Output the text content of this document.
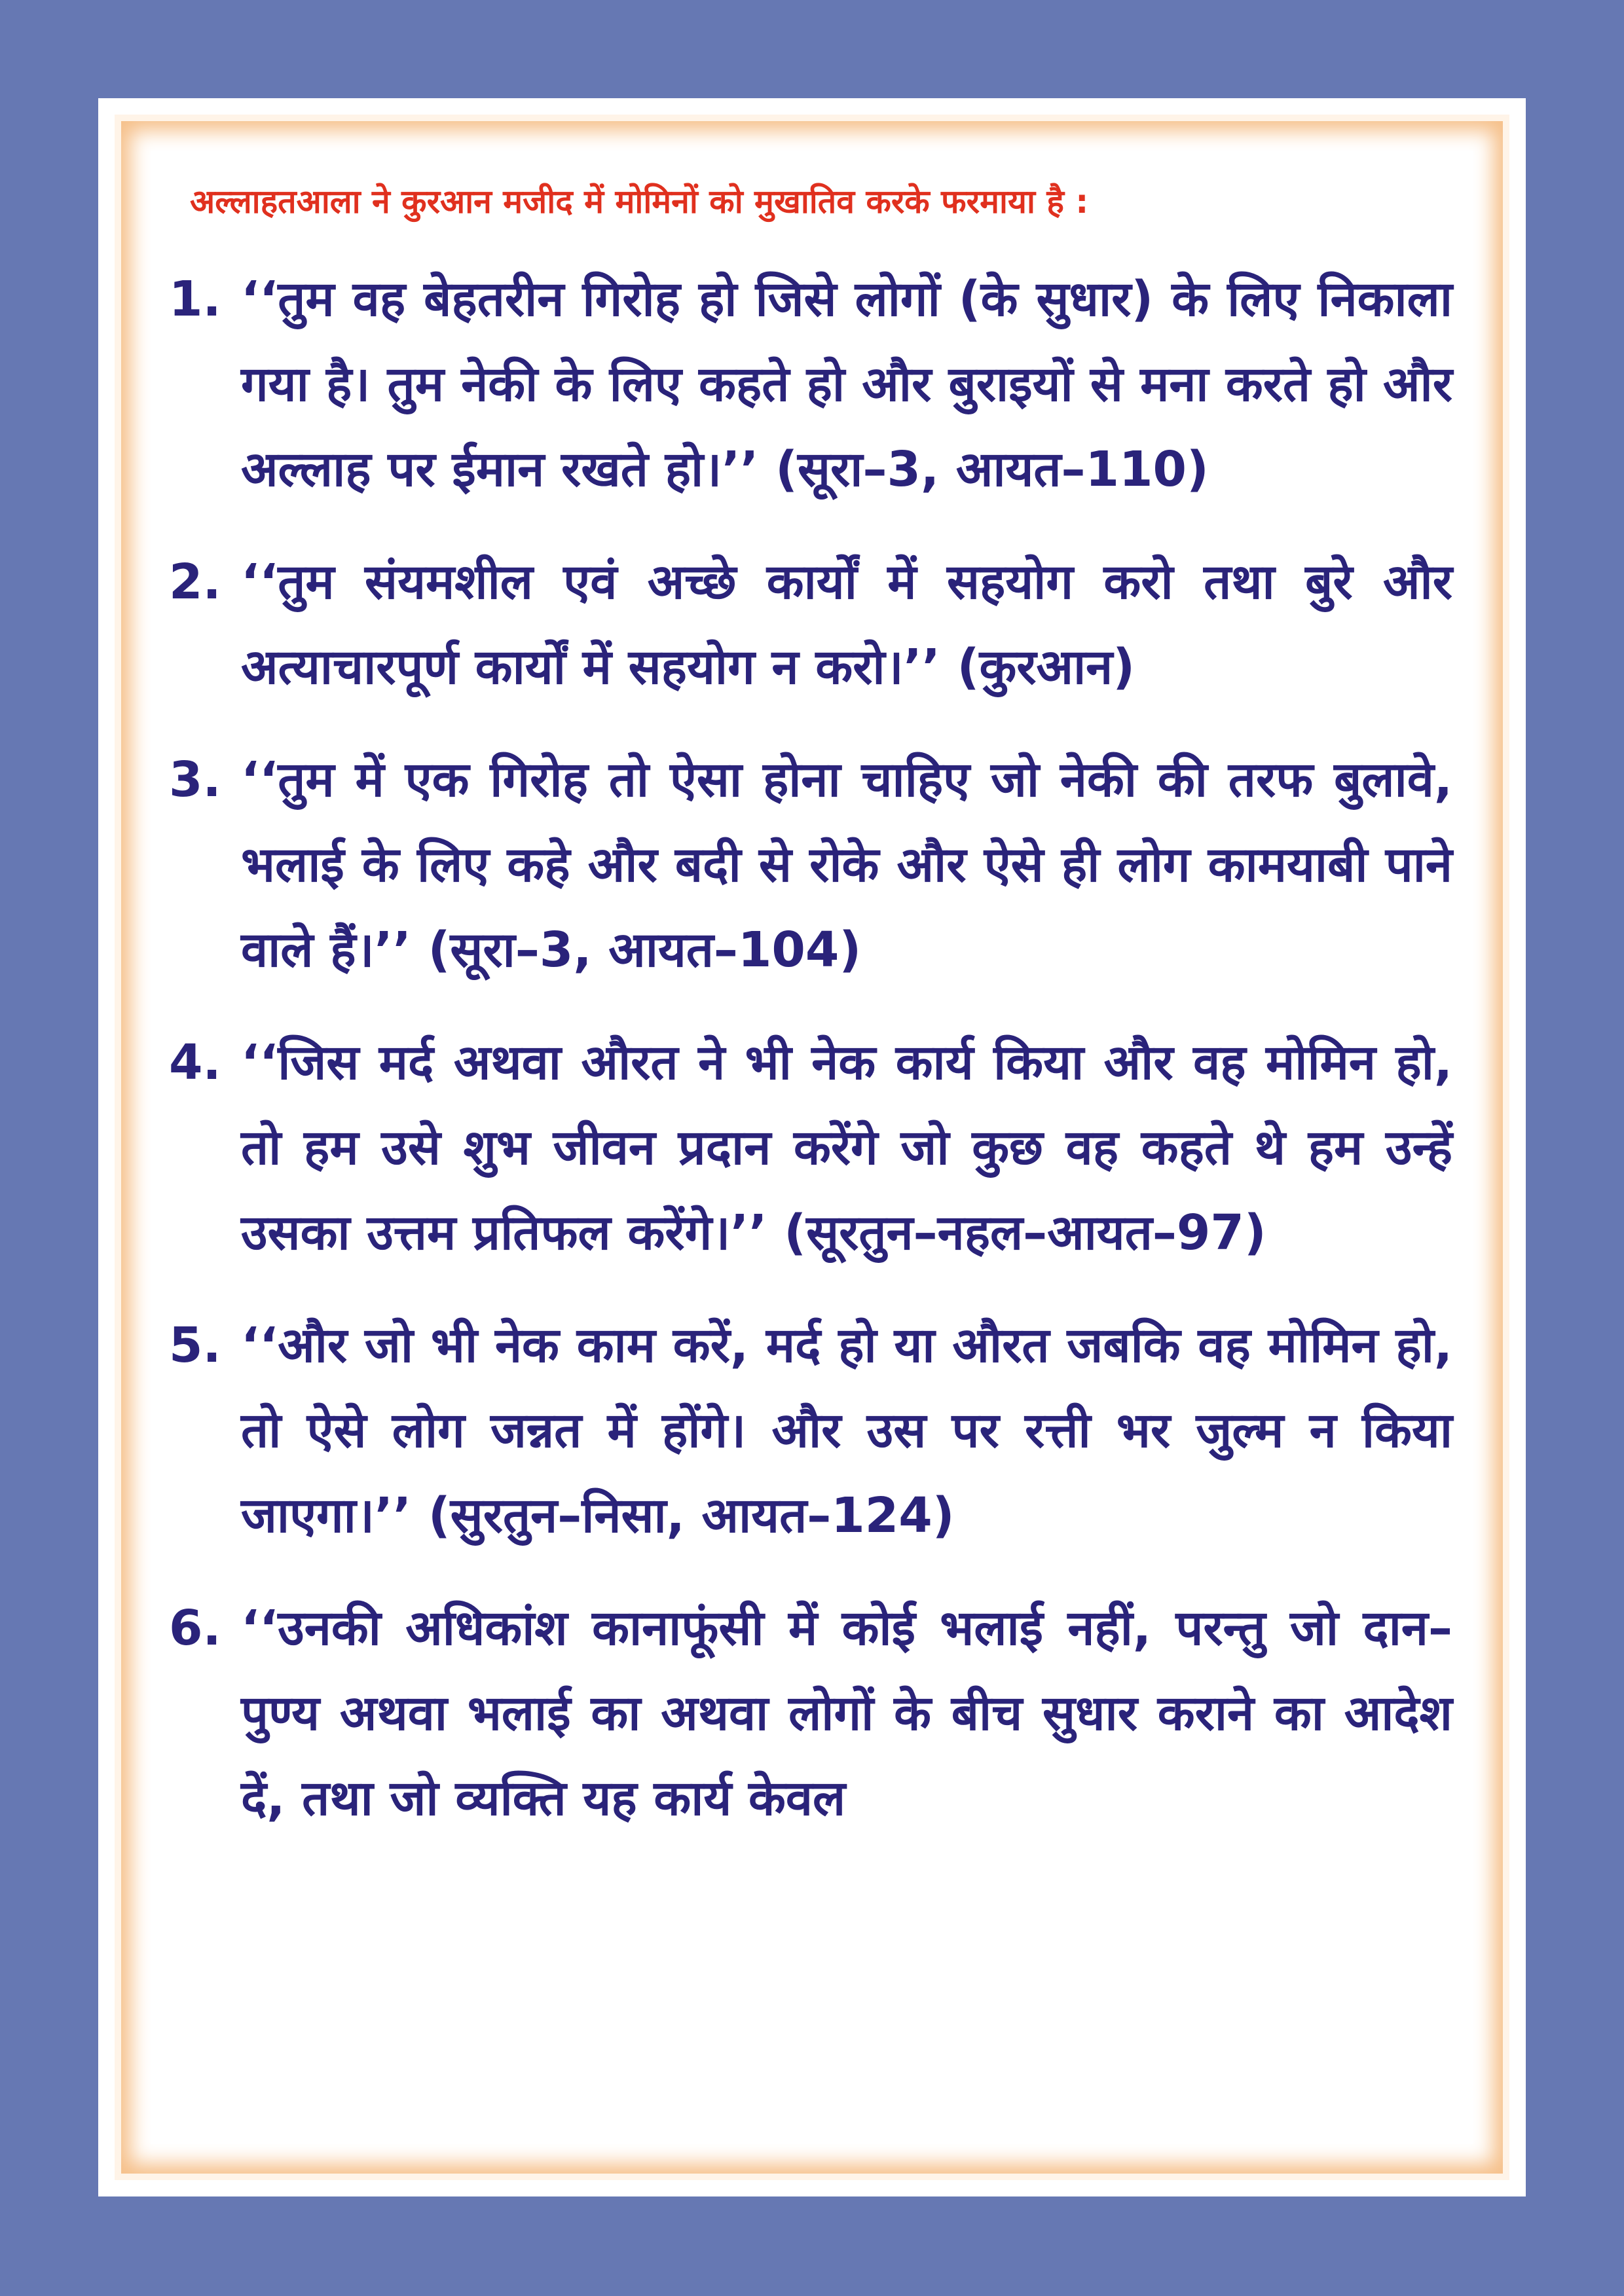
अल्लाहतआला ने कुरआन मजीद में मोमिनों को मुखातिव करके फरमाया है :
1. ‘‘तुम वह बेहतरीन गिरोह हो जिसे लोगों (के सुधार) के लिए निकाला गया है। तुम नेकी के लिए कहते हो और बुराइयों से मना करते हो और अल्लाह पर ईमान रखते हो।’’ (सूरा–3, आयत–110)
2. ‘‘तुम संयमशील एवं अच्छे कार्यों में सहयोग करो तथा बुरे और अत्याचारपूर्ण कार्यों में सहयोग न करो।’’ (कुरआन)
3. ‘‘तुम में एक गिरोह तो ऐसा होना चाहिए जो नेकी की तरफ बुलावे, भलाई के लिए कहे और बदी से रोके और ऐसे ही लोग कामयाबी पाने वाले हैं।’’ (सूरा–3, आयत–104)
4. ‘‘जिस मर्द अथवा औरत ने भी नेक कार्य किया और वह मोमिन हो, तो हम उसे शुभ जीवन प्रदान करेंगे जो कुछ वह कहते थे हम उन्हें उसका उत्तम प्रतिफल करेंगे।’’ (सूरतुन–नहल–आयत–97)
5. ‘‘और जो भी नेक काम करें, मर्द हो या औरत जबकि वह मोमिन हो, तो ऐसे लोग जन्नत में होंगे। और उस पर रत्ती भर जुल्म न किया जाएगा।’’ (सुरतुन–निसा, आयत–124)
6. ‘‘उनकी अधिकांश कानाफूंसी में कोई भलाई नहीं, परन्तु जो दान–पुण्य अथवा भलाई का अथवा लोगों के बीच सुधार कराने का आदेश दें, तथा जो व्यक्ति यह कार्य केवल
